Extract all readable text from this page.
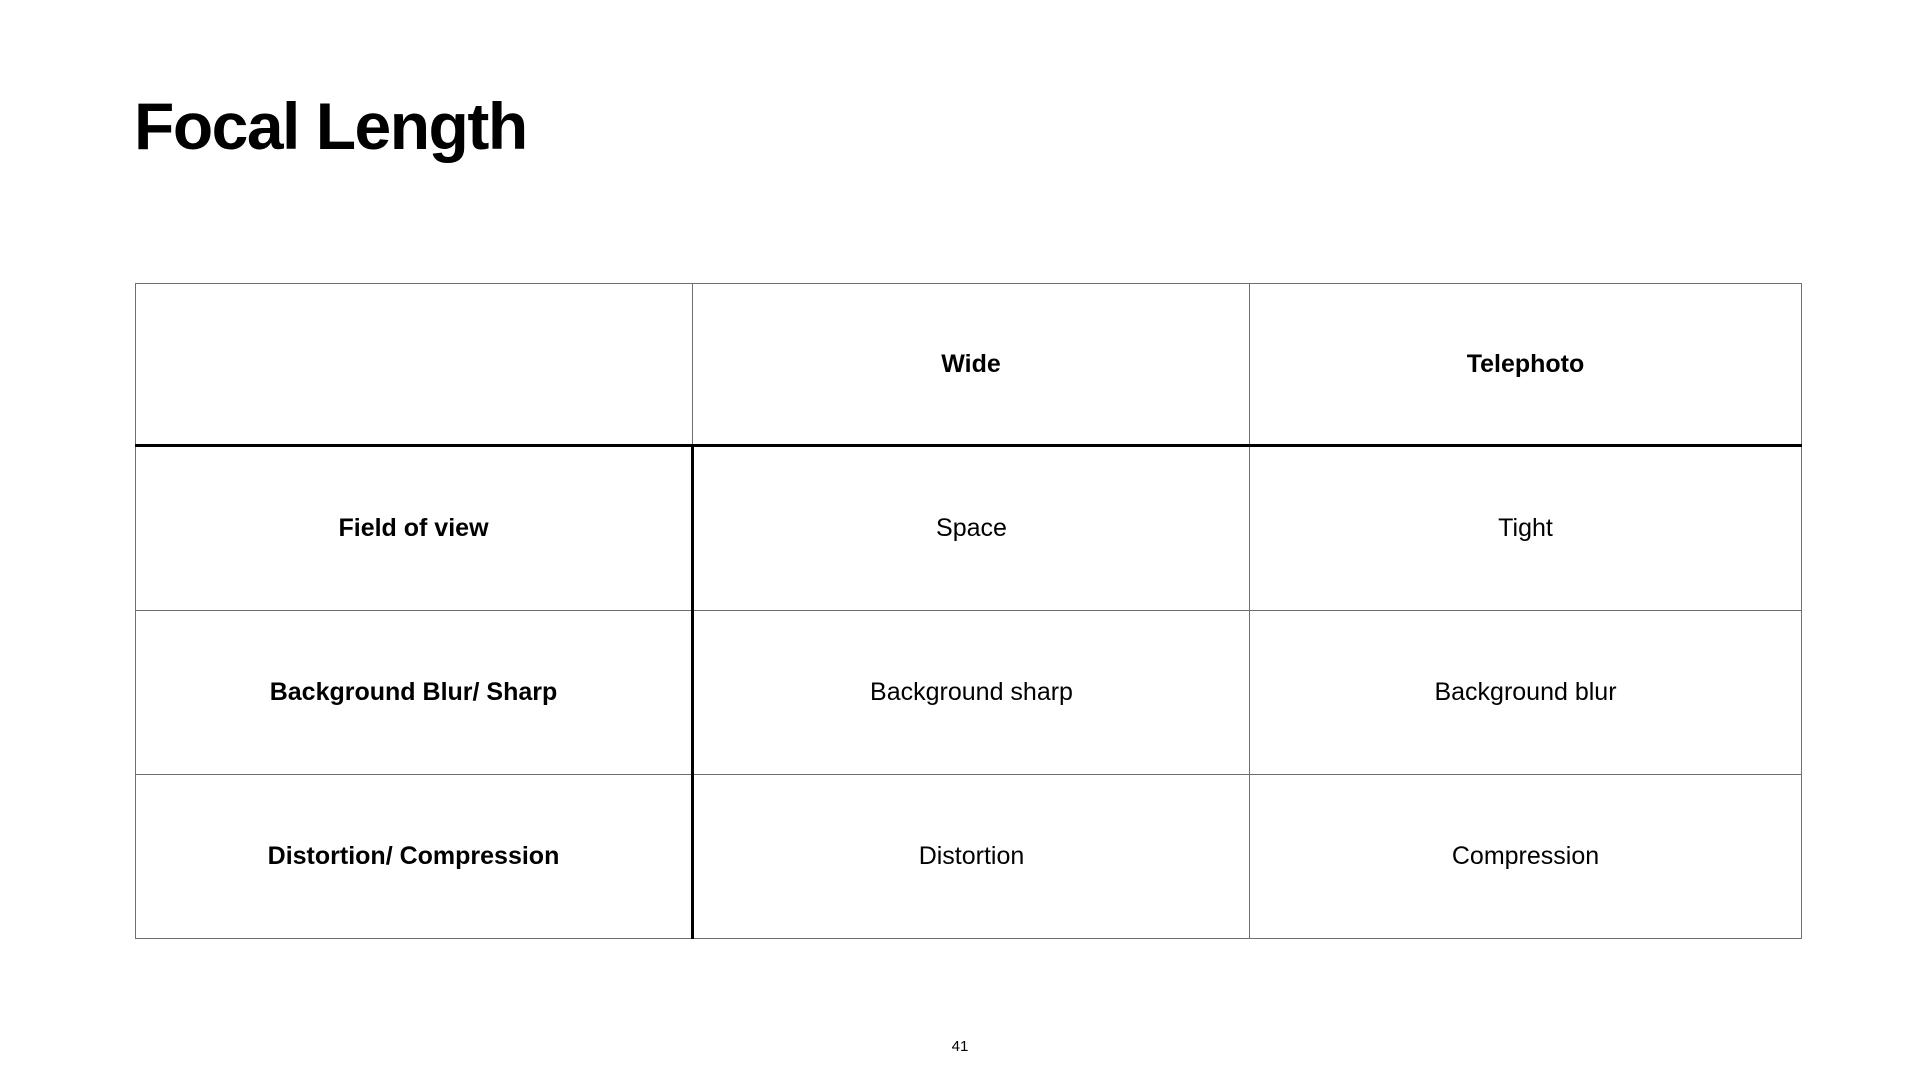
Focal Length
	Wide	Telephoto
Field of view	Space	Tight
Background Blur/ Sharp	Background sharp	Background blur
Distortion/ Compression	Distortion	Compression
41
